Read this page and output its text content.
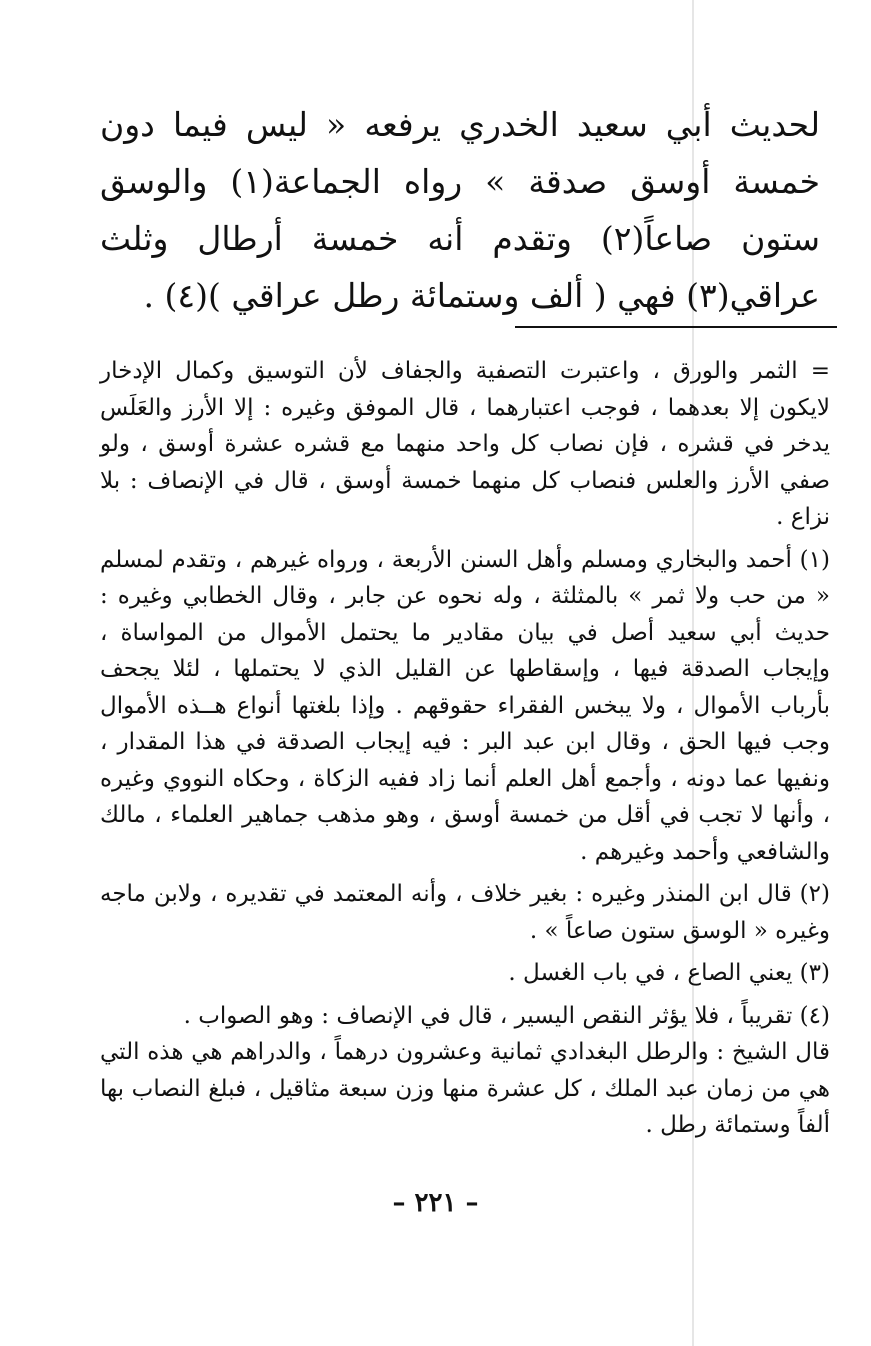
لحديث أبي سعيد الخدري يرفعه « ليس فيما دون خمسة أوسق صدقة » رواه الجماعة(١) والوسق ستون صاعاً(٢) وتقدم أنه خمسة أرطال وثلث عراقي(٣) فهي ( ألف وستمائة رطل عراقي )(٤) .

= الثمر والورق ، واعتبرت التصفية والجفاف لأن التوسيق وكمال الإدخار لايكون إلا بعدهما ، فوجب اعتبارهما ، قال الموفق وغيره : إلا الأرز والعَلَس يدخر في قشره ، فإن نصاب كل واحد منهما مع قشره عشرة أوسق ، ولو صفي الأرز والعلس فنصاب كل منهما خمسة أوسق ، قال في الإنصاف : بلا نزاع .

(١) أحمد والبخاري ومسلم وأهل السنن الأربعة ، ورواه غيرهم ، وتقدم لمسلم « من حب ولا ثمر » بالمثلثة ، وله نحوه عن جابر ، وقال الخطابي وغيره : حديث أبي سعيد أصل في بيان مقادير ما يحتمل الأموال من المواساة ، وإيجاب الصدقة فيها ، وإسقاطها عن القليل الذي لا يحتملها ، لئلا يجحف بأرباب الأموال ، ولا يبخس الفقراء حقوقهم . وإذا بلغتها أنواع هــذه الأموال وجب فيها الحق ، وقال ابن عبد البر : فيه إيجاب الصدقة في هذا المقدار ، ونفيها عما دونه ، وأجمع أهل العلم أنما زاد ففيه الزكاة ، وحكاه النووي وغيره ، وأنها لا تجب في أقل من خمسة أوسق ، وهو مذهب جماهير العلماء ، مالك والشافعي وأحمد وغيرهم .

(٢) قال ابن المنذر وغيره : بغير خلاف ، وأنه المعتمد في تقديره ، ولابن ماجه وغيره « الوسق ستون صاعاً » .

(٣) يعني الصاع ، في باب الغسل .

(٤) تقريباً ، فلا يؤثر النقص اليسير ، قال في الإنصاف : وهو الصواب .

قال الشيخ : والرطل البغدادي ثمانية وعشرون درهماً ، والدراهم هي هذه التي هي من زمان عبد الملك ، كل عشرة منها وزن سبعة مثاقيل ، فبلغ النصاب بها ألفاً وستمائة رطل .

– ٢٢١ –
